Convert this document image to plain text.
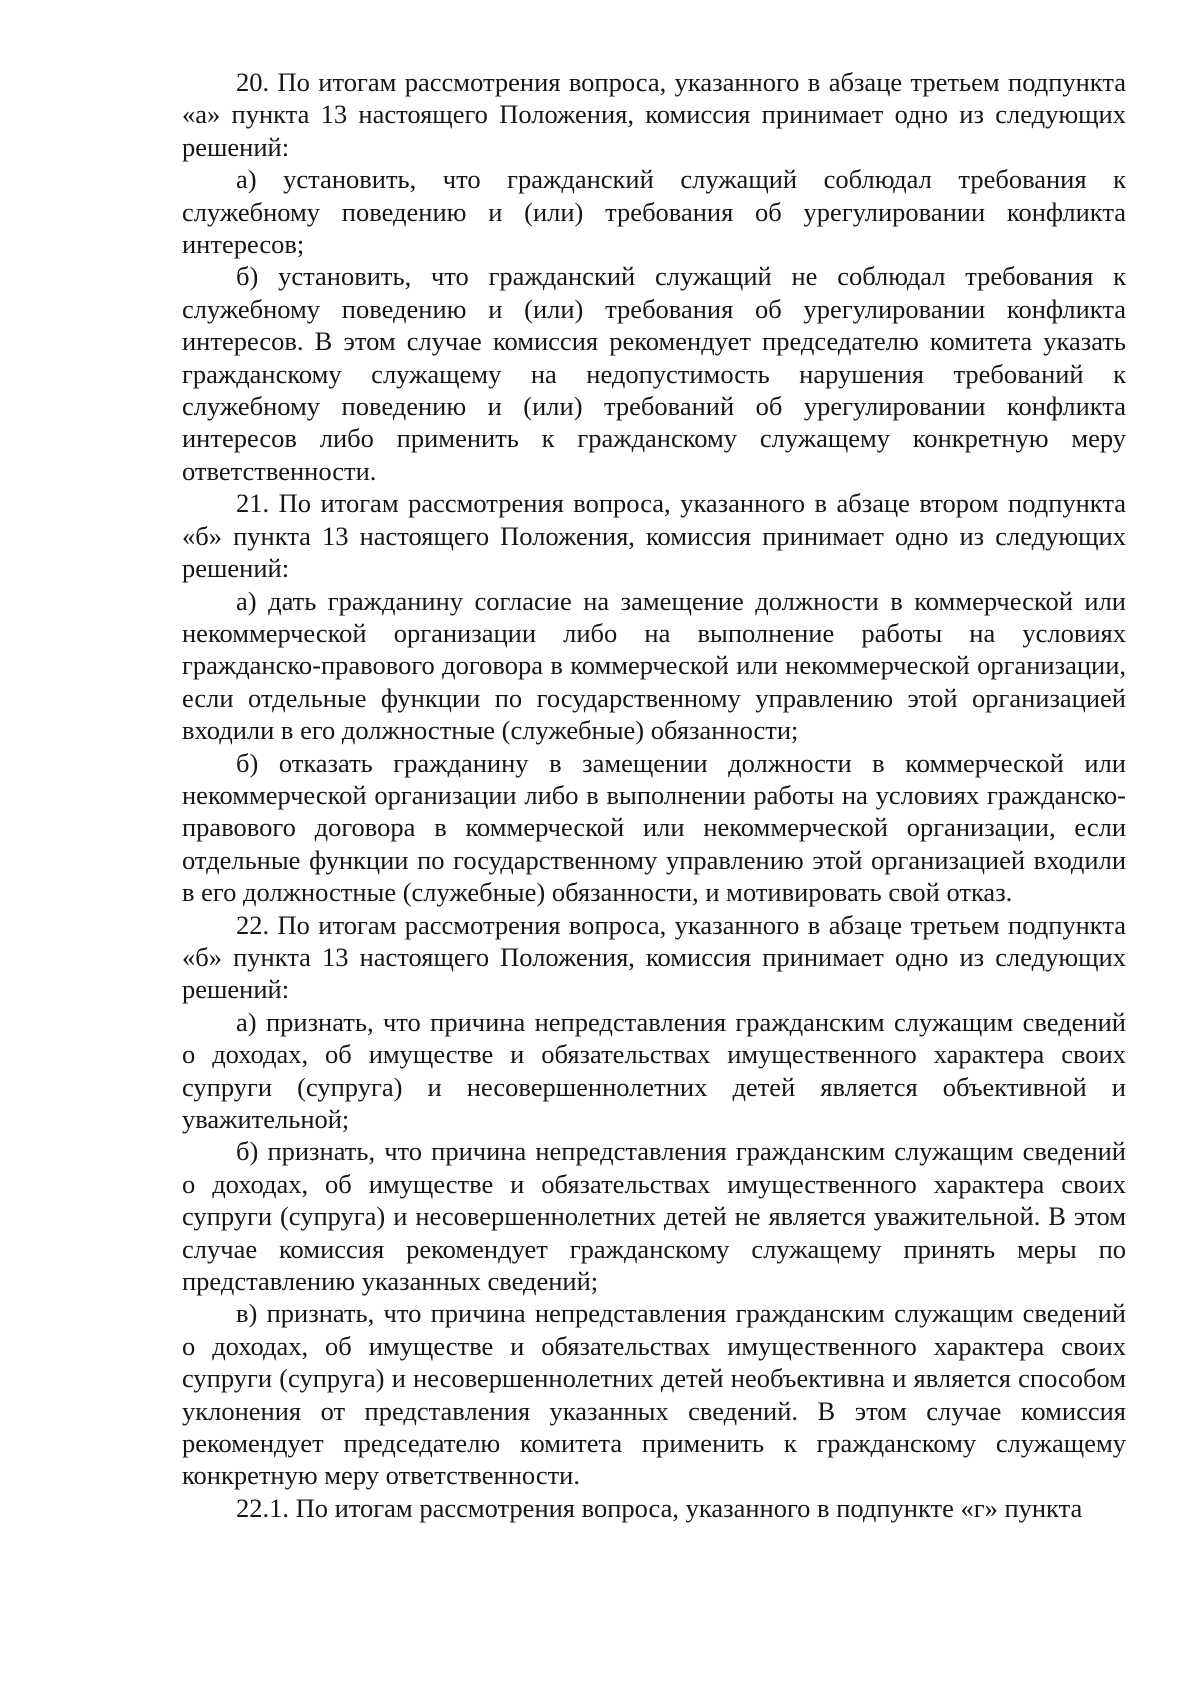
20. По итогам рассмотрения вопроса, указанного в абзаце третьем подпункта «а» пункта 13 настоящего Положения, комиссия принимает одно из следующих решений:

а) установить, что гражданский служащий соблюдал требования к служебному поведению и (или) требования об урегулировании конфликта интересов;

б) установить, что гражданский служащий не соблюдал требования к служебному поведению и (или) требования об урегулировании конфликта интересов. В этом случае комиссия рекомендует председателю комитета указать гражданскому служащему на недопустимость нарушения требований к служебному поведению и (или) требований об урегулировании конфликта интересов либо применить к гражданскому служащему конкретную меру ответственности.

21. По итогам рассмотрения вопроса, указанного в абзаце втором подпункта «б» пункта 13 настоящего Положения, комиссия принимает одно из следующих решений:

а) дать гражданину согласие на замещение должности в коммерческой или некоммерческой организации либо на выполнение работы на условиях гражданско-правового договора в коммерческой или некоммерческой организации, если отдельные функции по государственному управлению этой организацией входили в его должностные (служебные) обязанности;

б) отказать гражданину в замещении должности в коммерческой или некоммерческой организации либо в выполнении работы на условиях гражданско-правового договора в коммерческой или некоммерческой организации, если отдельные функции по государственному управлению этой организацией входили в его должностные (служебные) обязанности, и мотивировать свой отказ.

22. По итогам рассмотрения вопроса, указанного в абзаце третьем подпункта «б» пункта 13 настоящего Положения, комиссия принимает одно из следующих решений:

а) признать, что причина непредставления гражданским служащим сведений о доходах, об имуществе и обязательствах имущественного характера своих супруги (супруга) и несовершеннолетних детей является объективной и уважительной;

б) признать, что причина непредставления гражданским служащим сведений о доходах, об имуществе и обязательствах имущественного характера своих супруги (супруга) и несовершеннолетних детей не является уважительной. В этом случае комиссия рекомендует гражданскому служащему принять меры по представлению указанных сведений;

в) признать, что причина непредставления гражданским служащим сведений о доходах, об имуществе и обязательствах имущественного характера своих супруги (супруга) и несовершеннолетних детей необъективна и является способом уклонения от представления указанных сведений. В этом случае комиссия рекомендует председателю комитета применить к гражданскому служащему конкретную меру ответственности.

22.1. По итогам рассмотрения вопроса, указанного в подпункте «г» пункта
